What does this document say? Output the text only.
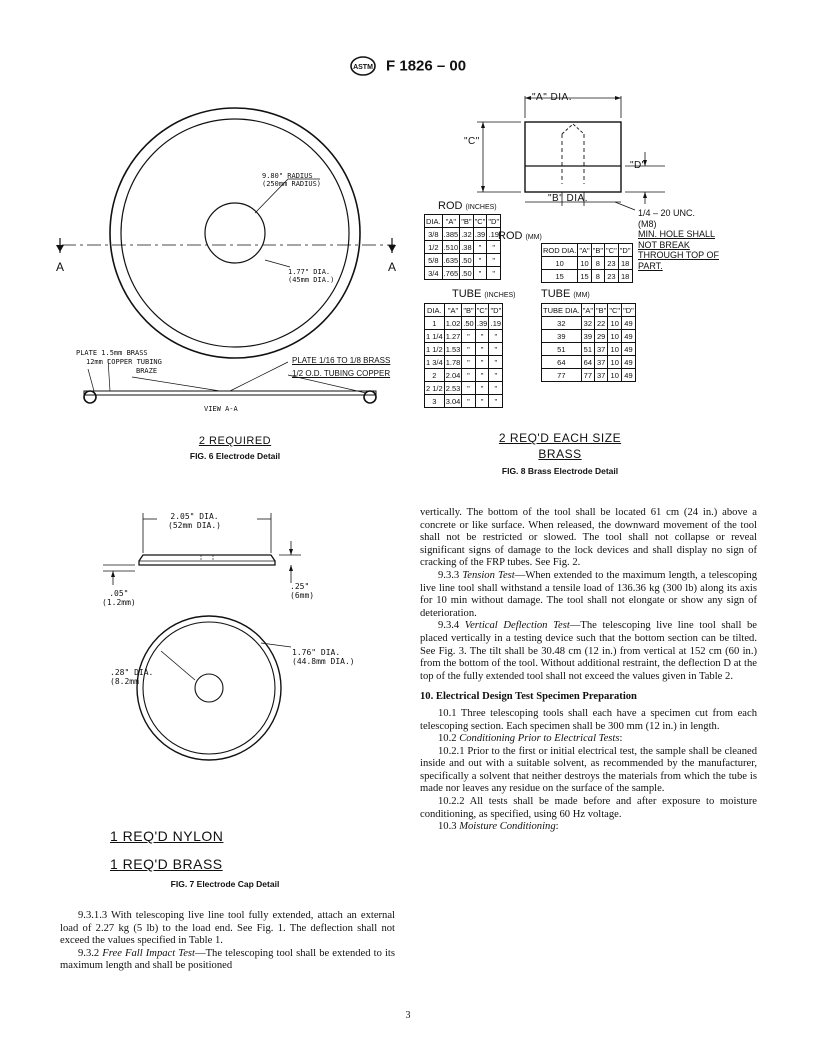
ASTM F 1826 – 00
9.80" RADIUS
(250mm RADIUS)
1.77" DIA.
(45mm DIA.)
A	A
PLATE 1.5mm BRASS
12mm COPPER TUBING
BRAZE
PLATE 1/16 TO 1/8 BRASS
1/2 O.D. TUBING COPPER
VIEW A-A
2 REQUIRED
FIG. 6 Electrode Detail
"A" DIA.
"C"
"D"
"B" DIA.
1/4 – 20 UNC.
(M8)
MIN. HOLE SHALL
NOT BREAK
THROUGH TOP OF
PART.
ROD (INCHES)
DIA.	"A"	"B"	"C"	"D"
3/8	.385	.32	.39	.19
1/2	.510	.38	"	"
5/8	.635	.50	"	"
3/4	.765	.50	"	"
ROD (MM)
ROD DIA.	"A"	"B"	"C"	"D"
10	10	8	23	18
15	15	8	23	18
TUBE (INCHES)
DIA.	"A"	"B"	"C"	"D"
1	1.02	.50	.39	.19
1 1/4	1.27	"	"	"
1 1/2	1.53	"	"	"
1 3/4	1.78	"	"	"
2	2.04	"	"	"
2 1/2	2.53	"	"	"
3	3.04	"	"	"
TUBE (MM)
TUBE DIA.	"A"	"B"	"C"	"D"
32	32	22	10	49
39	39	29	10	49
51	51	37	10	49
64	64	37	10	49
77	77	37	10	49
2 REQ'D EACH SIZE
BRASS
FIG. 8 Brass Electrode Detail
2.05" DIA.
(52mm DIA.)
.05"
(1.2mm)
.25"
(6mm)
1.76" DIA.
(44.8mm DIA.)
.28" DIA.
(8.2mm
1 REQ'D NYLON
1 REQ'D BRASS
FIG. 7 Electrode Cap Detail

9.3.1.3 With telescoping live line tool fully extended, attach an external load of 2.27 kg (5 lb) to the load end. See Fig. 1. The deflection shall not exceed the values specified in Table 1.

9.3.2 Free Fall Impact Test—The telescoping tool shall be extended to its maximum length and shall be positioned

vertically. The bottom of the tool shall be located 61 cm (24 in.) above a concrete or like surface. When released, the downward movement of the tool shall not be restricted or slowed. The tool shall not collapse or reveal significant signs of damage to the lock devices and shall display no sign of cracking of the FRP tubes. See Fig. 2.

9.3.3 Tension Test—When extended to the maximum length, a telescoping live line tool shall withstand a tensile load of 136.36 kg (300 lb) along its axis for 10 min without damage. The tool shall not elongate or show any sign of deterioration.

9.3.4 Vertical Deflection Test—The telescoping live line tool shall be placed vertically in a testing device such that the bottom section can be tilted. See Fig. 3. The tilt shall be 30.48 cm (12 in.) from vertical at 152 cm (60 in.) from the bottom of the tool. Without additional restraint, the deflection D at the top of the fully extended tool shall not exceed the values given in Table 2.

10. Electrical Design Test Specimen Preparation

10.1 Three telescoping tools shall each have a specimen cut from each telescoping section. Each specimen shall be 300 mm (12 in.) in length.

10.2 Conditioning Prior to Electrical Tests:

10.2.1 Prior to the first or initial electrical test, the sample shall be cleaned inside and out with a suitable solvent, as recommended by the manufacturer, specifically a solvent that neither destroys the materials from which the tube is made nor leaves any residue on the surface of the sample.

10.2.2 All tests shall be made before and after exposure to moisture conditioning, as specified, using 60 Hz voltage.

10.3 Moisture Conditioning:

3
